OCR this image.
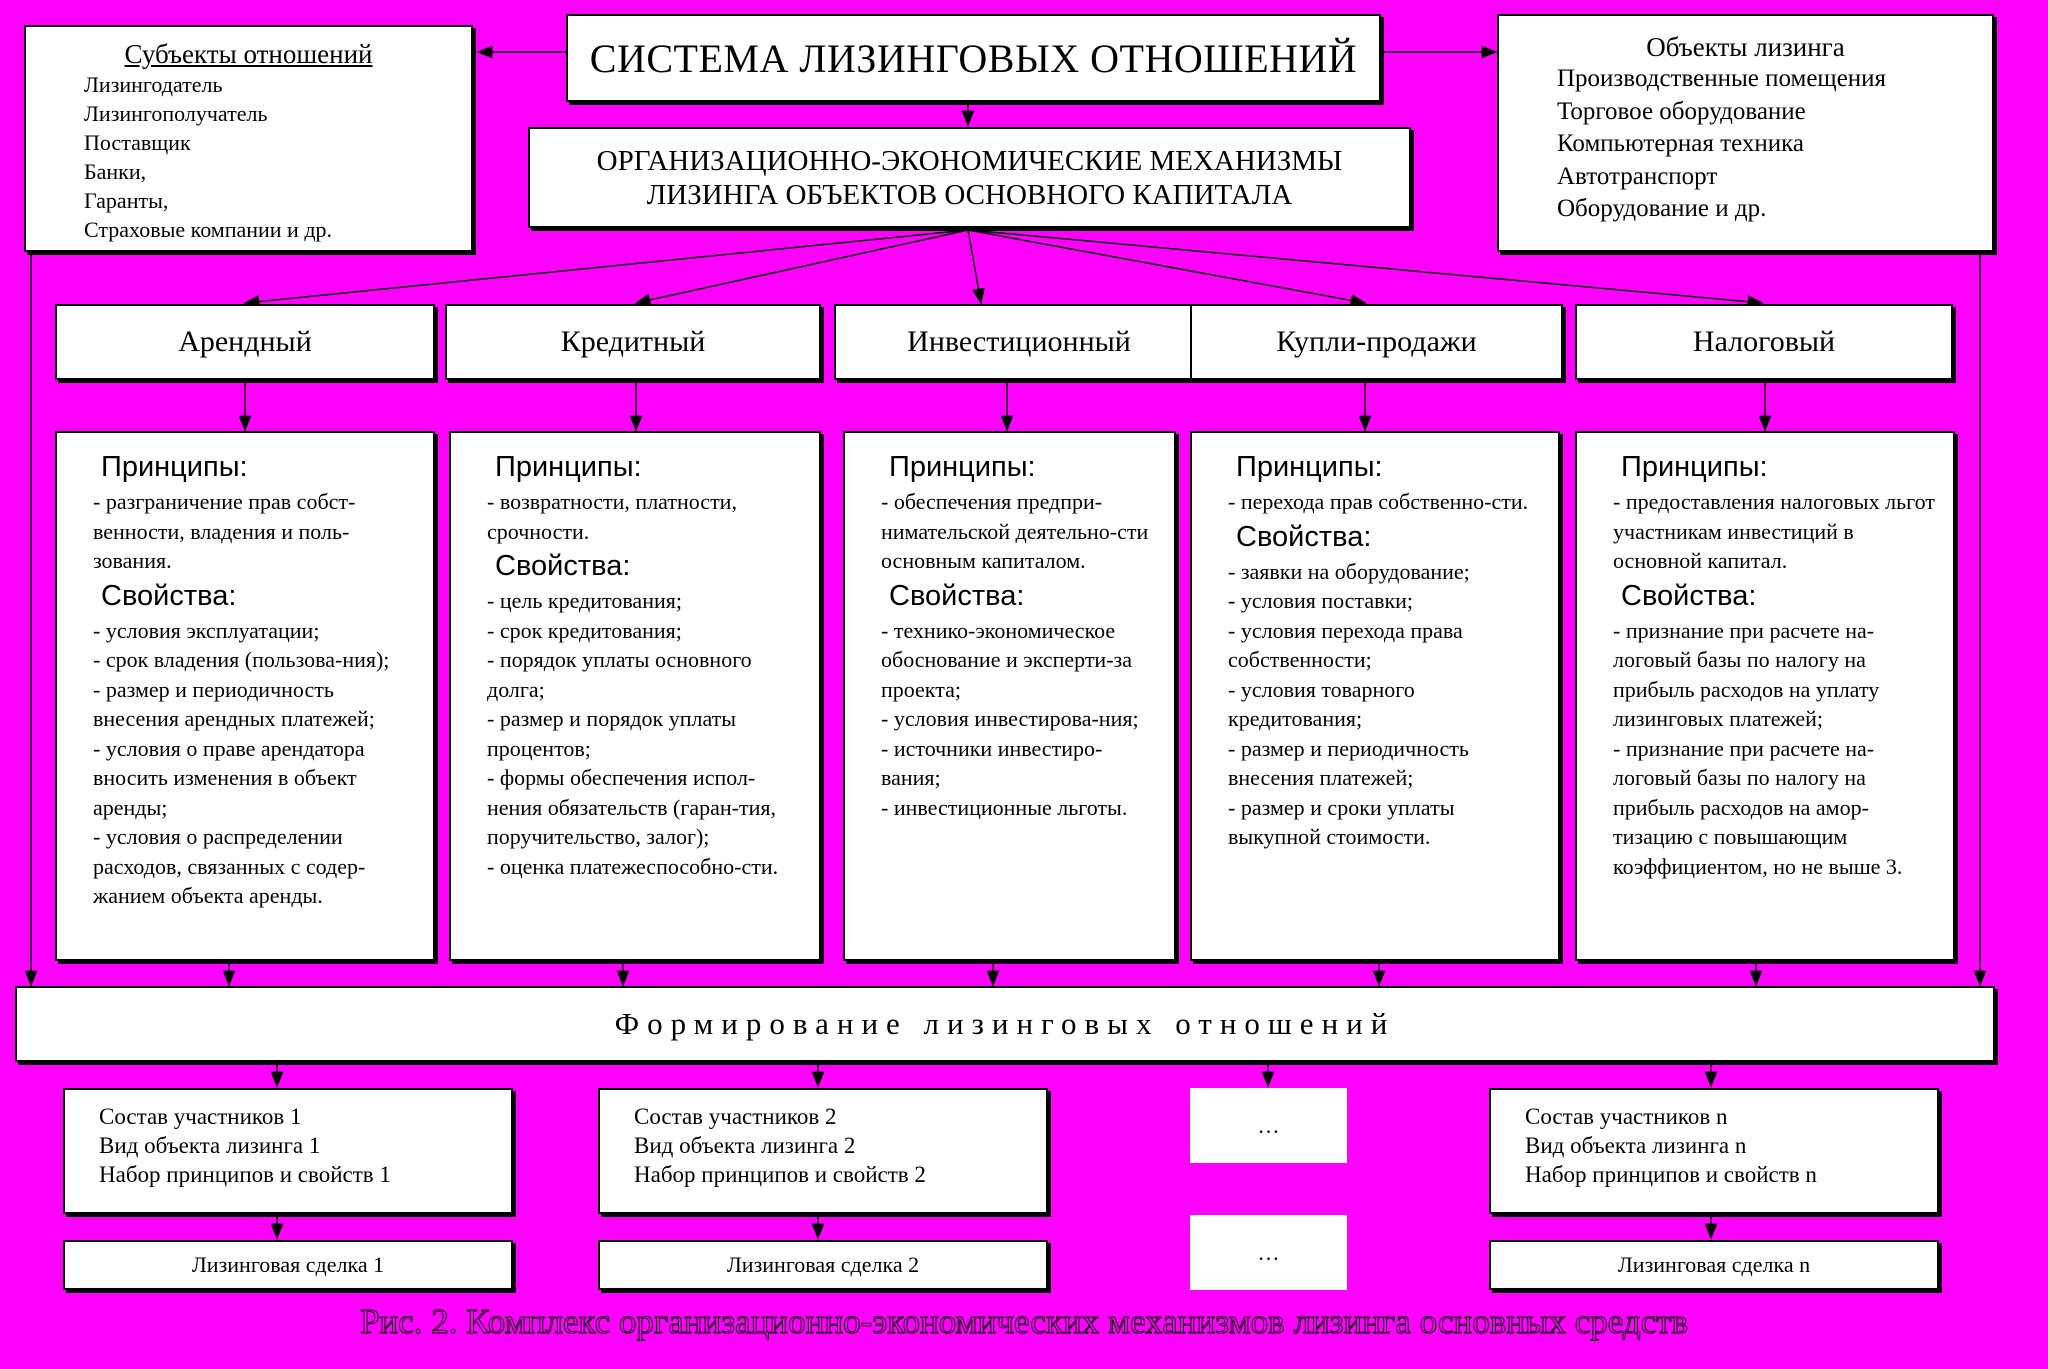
СИСТЕМА ЛИЗИНГОВЫХ ОТНОШЕНИЙ
Субъекты отношений
Лизингодатель
Лизингополучатель
Поставщик
Банки,
Гаранты,
Страховые компании и др.
Объекты лизинга
Производственные помещения
Торговое оборудование
Компьютерная техника
Автотранспорт
Оборудование и др.
ОРГАНИЗАЦИОННО-ЭКОНОМИЧЕСКИЕ МЕХАНИЗМЫ
ЛИЗИНГА ОБЪЕКТОВ ОСНОВНОГО КАПИТАЛА
Арендный	Кредитный	Инвестиционный	Купли-продажи	Налоговый
Принципы:
- разграничение прав собст-венности, владения и поль-зования.
Свойства:
- условия эксплуатации;
- срок владения (пользова-ния);
- размер и периодичность внесения арендных платежей;
- условия о праве арендатора вносить изменения в объект аренды;
- условия о распределении расходов, связанных с содер-жанием объекта аренды.
Принципы:
- возвратности, платности, срочности.
Свойства:
- цель кредитования;
- срок кредитования;
- порядок уплаты основного долга;
- размер и порядок уплаты процентов;
- формы обеспечения испол-нения обязательств (гаран-тия, поручительство, залог);
- оценка платежеспособно-сти.
Принципы:
- обеспечения предпри-нимательской деятельно-сти основным капиталом.
Свойства:
- технико-экономическое обоснование и эксперти-за проекта;
- условия инвестирова-ния;
- источники инвестиро-вания;
- инвестиционные льготы.
Принципы:
- перехода прав собственно-сти.
Свойства:
- заявки на оборудование;
- условия поставки;
- условия перехода права собственности;
- условия товарного кредитования;
- размер и периодичность внесения платежей;
- размер и сроки уплаты выкупной стоимости.
Принципы:
- предоставления налоговых льгот участникам инвестиций в основной капитал.
Свойства:
- признание при расчете на-логовый базы по налогу на прибыль расходов на уплату лизинговых платежей;
- признание при расчете на-логовый базы по налогу на прибыль расходов на амор-тизацию с повышающим коэффициентом, но не выше 3.
Формирование лизинговых отношений
Состав участников 1
Вид объекта лизинга 1
Набор принципов и свойств 1
Состав участников 2
Вид объекта лизинга 2
Набор принципов и свойств 2
…	Состав участников n
Вид объекта лизинга n
Набор принципов и свойств n
Лизинговая сделка 1	Лизинговая сделка 2	…	Лизинговая сделка n
Рис. 2. Комплекс организационно-экономических механизмов лизинга основных средств
